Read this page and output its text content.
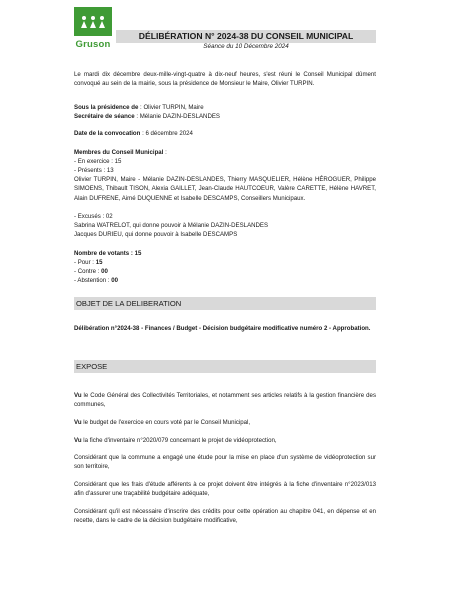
Gruson
DÉLIBÉRATION N° 2024-38 DU CONSEIL MUNICIPAL
Séance du 10 Décembre 2024
Le mardi dix décembre deux-mille-vingt-quatre à dix-neuf heures, s'est réuni le Conseil Municipal dûment convoqué au sein de la mairie, sous la présidence de Monsieur le Maire, Olivier TURPIN.
Sous la présidence de : Olivier TURPIN, Maire
Secrétaire de séance : Mélanie DAZIN-DESLANDES
Date de la convocation : 6 décembre 2024
Membres du Conseil Municipal :
- En exercice : 15
- Présents : 13
Olivier TURPIN, Maire - Mélanie DAZIN-DESLANDES, Thierry MASQUELIER, Hélène HÉROGUER, Philippe SIMOENS, Thibault TISON, Alexia GAILLET, Jean-Claude HAUTCOEUR, Valère CARETTE, Hélène HAVRET, Alain DUFRENE, Aimé DUQUENNE et Isabelle DESCAMPS, Conseillers Municipaux.
- Excusés : 02
Sabrina WATRELOT, qui donne pouvoir à Mélanie DAZIN-DESLANDES
Jacques DURIEU, qui donne pouvoir à Isabelle DESCAMPS
Nombre de votants : 15
- Pour : 15
- Contre : 00
- Abstention : 00
OBJET DE LA DELIBERATION
Délibération n°2024-38 - Finances / Budget - Décision budgétaire modificative numéro 2 - Approbation.
EXPOSE
Vu le Code Général des Collectivités Territoriales, et notamment ses articles relatifs à la gestion financière des communes,
Vu le budget de l'exercice en cours voté par le Conseil Municipal,
Vu la fiche d'inventaire n°2020/079 concernant le projet de vidéoprotection,
Considérant que la commune a engagé une étude pour la mise en place d'un système de vidéoprotection sur son territoire,
Considérant que les frais d'étude afférents à ce projet doivent être intégrés à la fiche d'inventaire n°2023/013 afin d'assurer une traçabilité budgétaire adéquate,
Considérant qu'il est nécessaire d'inscrire des crédits pour cette opération au chapitre 041, en dépense et en recette, dans le cadre de la décision budgétaire modificative,
